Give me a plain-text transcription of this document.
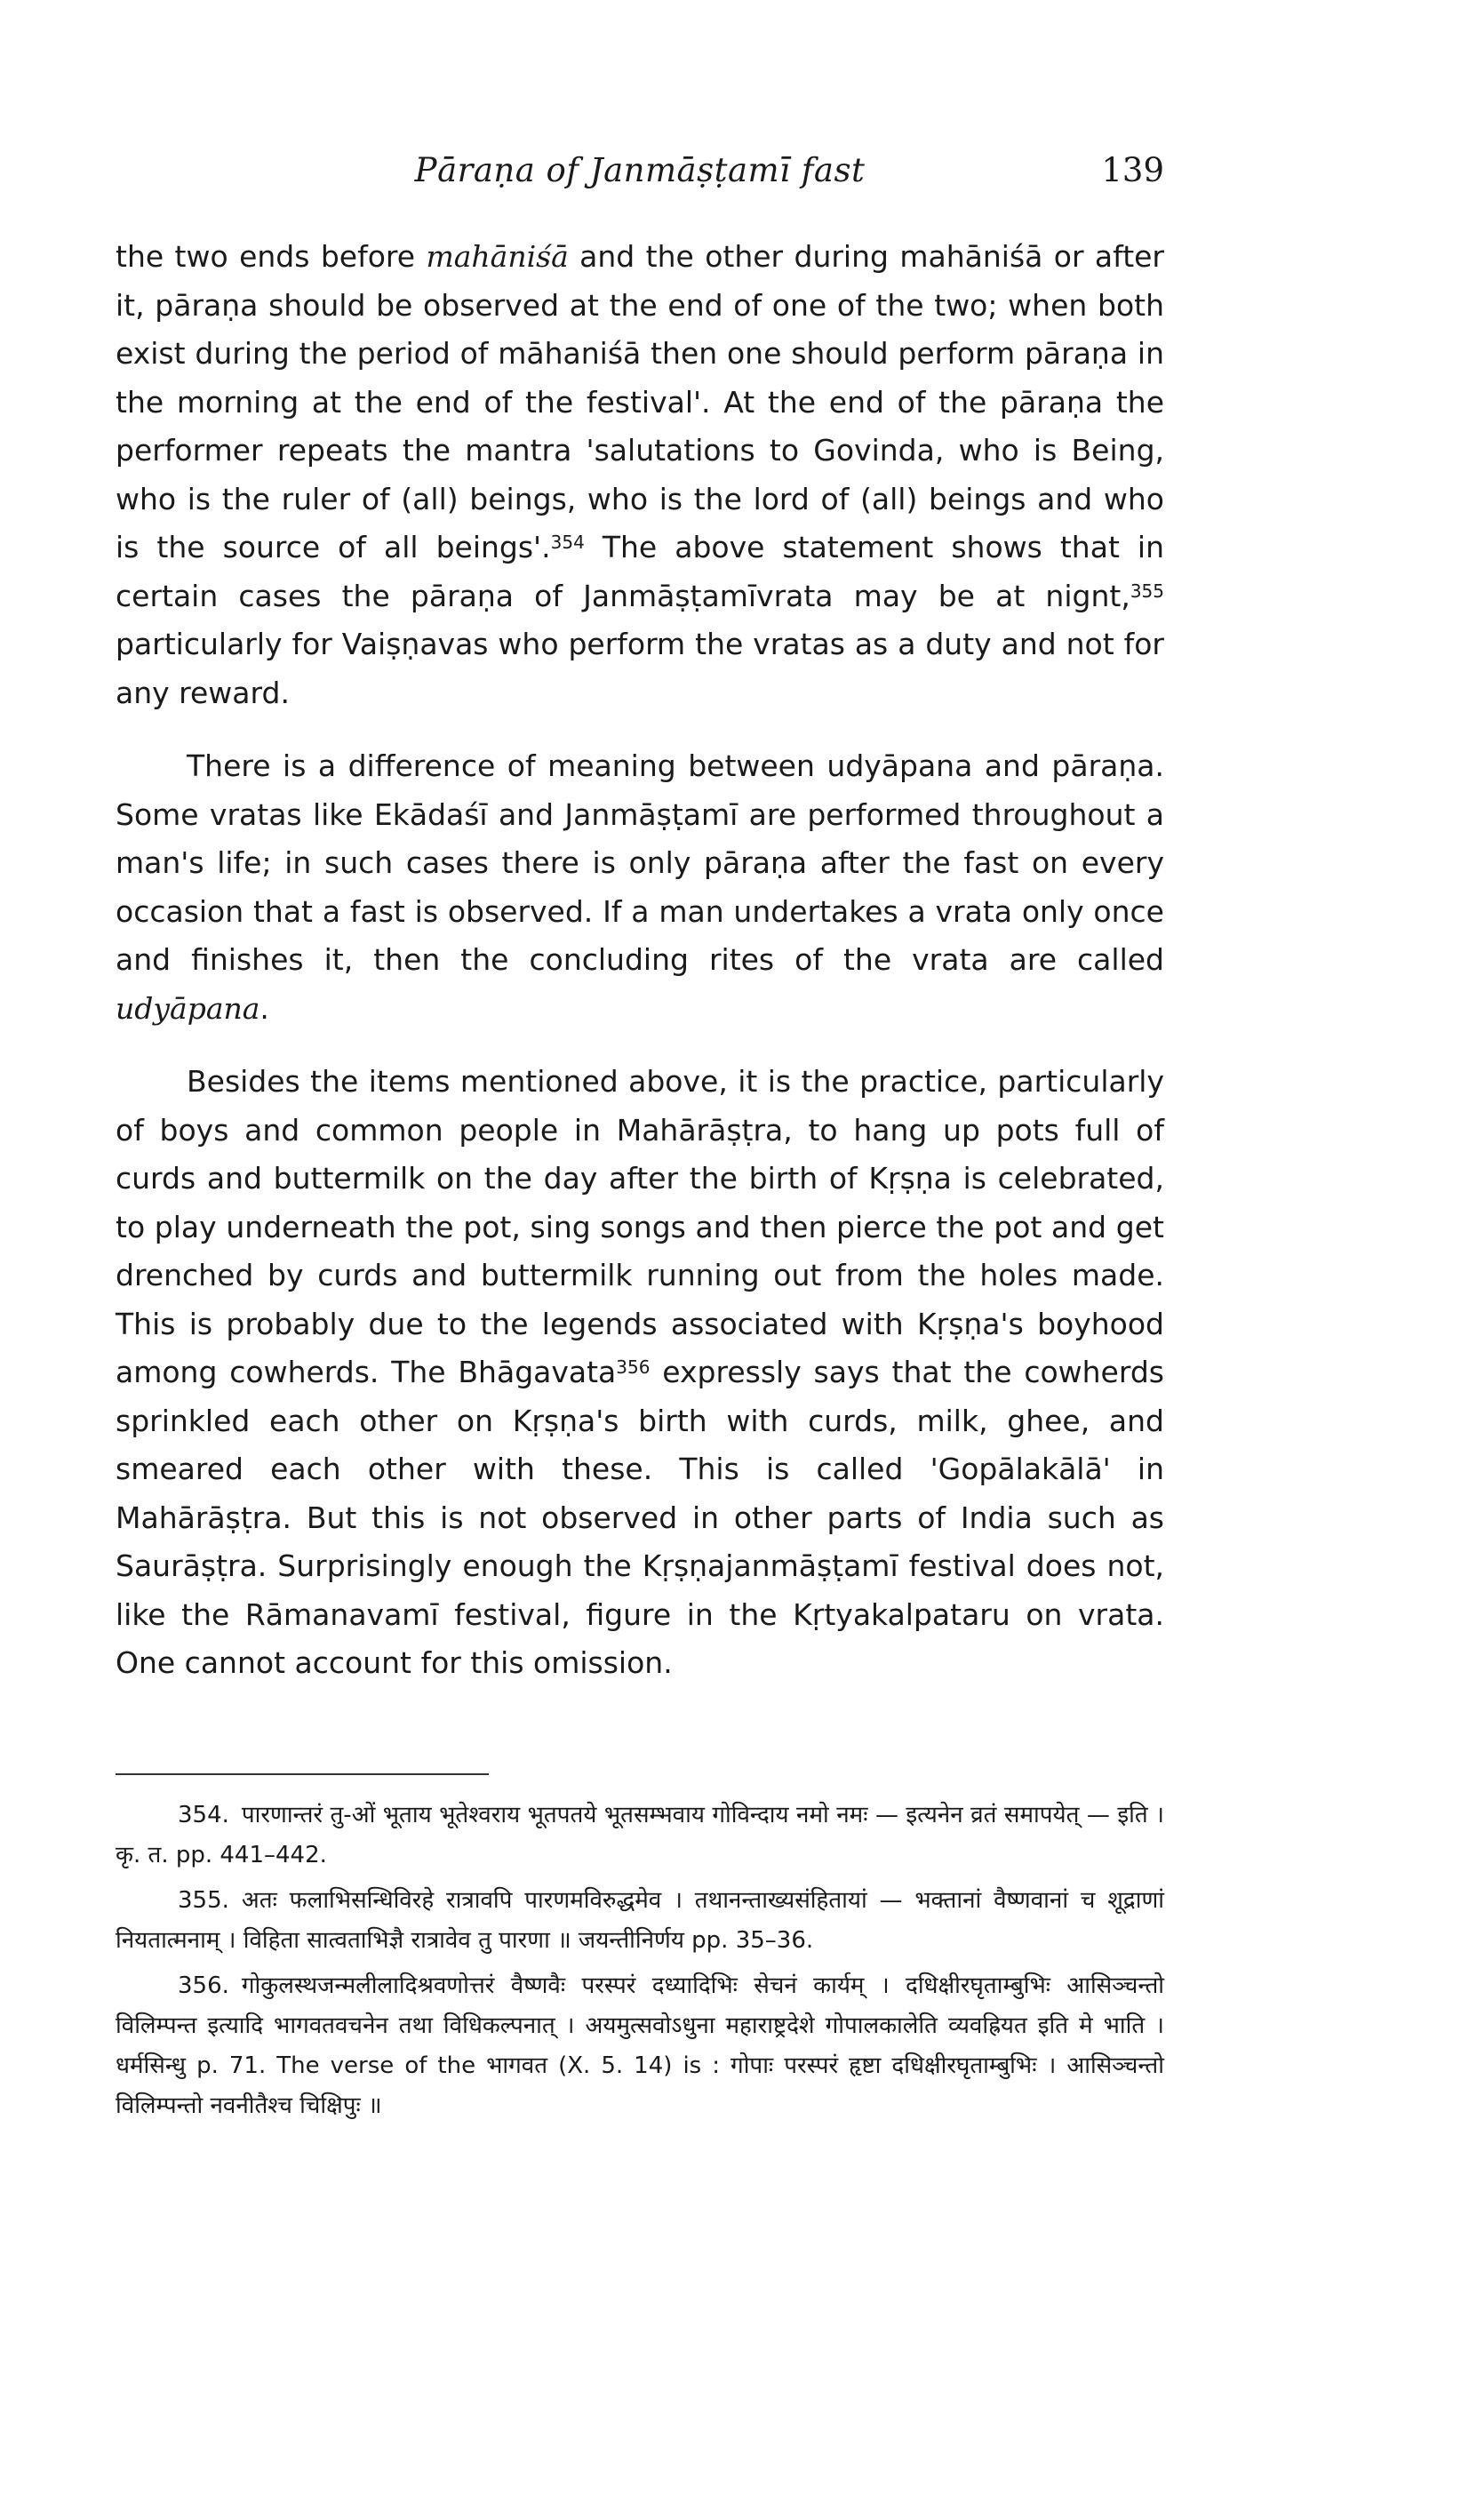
Pāraṇa of Janmāṣṭamī fast	139

the two ends before mahāniśā and the other during mahāniśā or after it, pāraṇa should be observed at the end of one of the two; when both exist during the period of māhaniśā then one should perform pāraṇa in the morning at the end of the festival'. At the end of the pāraṇa the performer repeats the mantra 'salutations to Govinda, who is Being, who is the ruler of (all) beings, who is the lord of (all) beings and who is the source of all beings'.$^{354}$ The above statement shows that in certain cases the pāraṇa of Janmāṣṭamīvrata may be at nignt,$^{355}$ particularly for Vaiṣṇavas who perform the vratas as a duty and not for any reward.

There is a difference of meaning between udyāpana and pāraṇa. Some vratas like Ekādaśī and Janmāṣṭamī are performed throughout a man's life; in such cases there is only pāraṇa after the fast on every occasion that a fast is observed. If a man undertakes a vrata only once and finishes it, then the concluding rites of the vrata are called udyāpana.

Besides the items mentioned above, it is the practice, particularly of boys and common people in Mahārāṣṭra, to hang up pots full of curds and buttermilk on the day after the birth of Kṛṣṇa is celebrated, to play underneath the pot, sing songs and then pierce the pot and get drenched by curds and buttermilk running out from the holes made. This is probably due to the legends associated with Kṛṣṇa's boyhood among cowherds. The Bhāgavata$^{356}$ expressly says that the cowherds sprinkled each other on Kṛṣṇa's birth with curds, milk, ghee, and smeared each other with these. This is called 'Gopālakālā' in Mahārāṣṭra. But this is not observed in other parts of India such as Saurāṣṭra. Surprisingly enough the Kṛṣṇajanmāṣṭamī festival does not, like the Rāmanavamī festival, figure in the Kṛtyakalpataru on vrata. One cannot account for this omission.

354. पारणान्तरं तु-ओं भूताय भूतेश्वराय भूतपतये भूतसम्भवाय गोविन्दाय नमो नमः — इत्यनेन व्रतं समापयेत् — इति । कृ. त. pp. 441–442.

355. अतः फलाभिसन्धिविरहे रात्रावपि पारणमविरुद्धमेव । तथानन्ताख्यसंहितायां — भक्तानां वैष्णवानां च शूद्राणां नियतात्मनाम् । विहिता सात्वताभिज्ञै रात्रावेव तु पारणा ॥ जयन्तीनिर्णय pp. 35–36.

356. गोकुलस्थजन्मलीलादिश्रवणोत्तरं वैष्णवैः परस्परं दध्यादिभिः सेचनं कार्यम् । दधिक्षीरघृताम्बुभिः आसिञ्चन्तो विलिम्पन्त इत्यादि भागवतवचनेन तथा विधिकल्पनात् । अयमुत्सवोऽधुना महाराष्ट्रदेशे गोपालकालेति व्यवह्रियत इति मे भाति । धर्मसिन्धु p. 71. The verse of the भागवत (X. 5. 14) is : गोपाः परस्परं हृष्टा दधिक्षीरघृताम्बुभिः । आसिञ्चन्तो विलिम्पन्तो नवनीतैश्च चिक्षिपुः ॥
